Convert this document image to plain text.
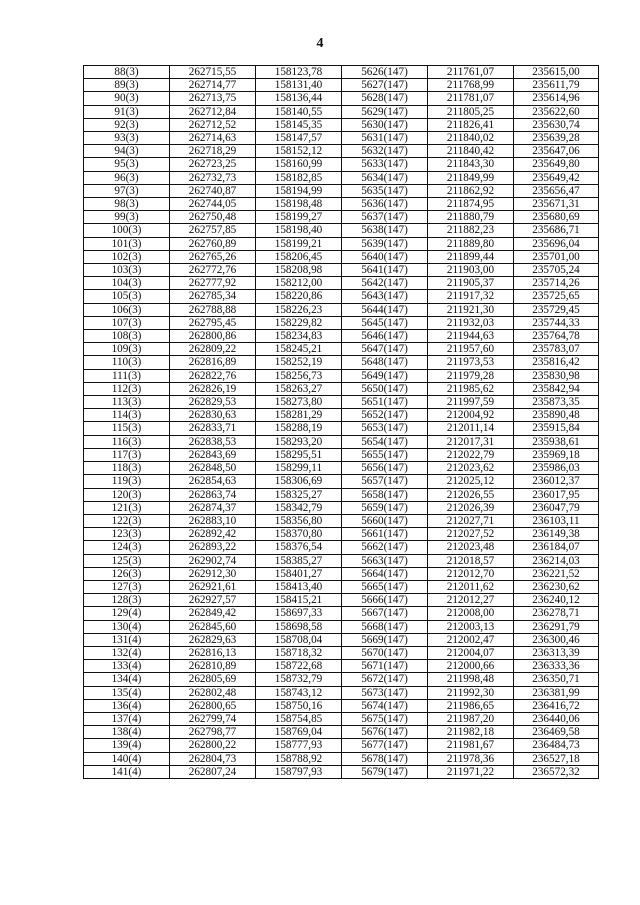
4
88(3)	262715,55	158123,78	5626(147)	211761,07	235615,00
89(3)	262714,77	158131,40	5627(147)	211768,99	235611,79
90(3)	262713,75	158136,44	5628(147)	211781,07	235614,96
91(3)	262712,84	158140,55	5629(147)	211805,25	235622,60
92(3)	262712,52	158145,35	5630(147)	211826,41	235630,74
93(3)	262714,63	158147,57	5631(147)	211840,02	235639,28
94(3)	262718,29	158152,12	5632(147)	211840,42	235647,06
95(3)	262723,25	158160,99	5633(147)	211843,30	235649,80
96(3)	262732,73	158182,85	5634(147)	211849,99	235649,42
97(3)	262740,87	158194,99	5635(147)	211862,92	235656,47
98(3)	262744,05	158198,48	5636(147)	211874,95	235671,31
99(3)	262750,48	158199,27	5637(147)	211880,79	235680,69
100(3)	262757,85	158198,40	5638(147)	211882,23	235686,71
101(3)	262760,89	158199,21	5639(147)	211889,80	235696,04
102(3)	262765,26	158206,45	5640(147)	211899,44	235701,00
103(3)	262772,76	158208,98	5641(147)	211903,00	235705,24
104(3)	262777,92	158212,00	5642(147)	211905,37	235714,26
105(3)	262785,34	158220,86	5643(147)	211917,32	235725,65
106(3)	262788,88	158226,23	5644(147)	211921,30	235729,45
107(3)	262795,45	158229,82	5645(147)	211932,03	235744,33
108(3)	262800,86	158234,83	5646(147)	211944,63	235764,78
109(3)	262809,22	158245,21	5647(147)	211957,60	235783,07
110(3)	262816,89	158252,19	5648(147)	211973,53	235816,42
111(3)	262822,76	158256,73	5649(147)	211979,28	235830,98
112(3)	262826,19	158263,27	5650(147)	211985,62	235842,94
113(3)	262829,53	158273,80	5651(147)	211997,59	235873,35
114(3)	262830,63	158281,29	5652(147)	212004,92	235890,48
115(3)	262833,71	158288,19	5653(147)	212011,14	235915,84
116(3)	262838,53	158293,20	5654(147)	212017,31	235938,61
117(3)	262843,69	158295,51	5655(147)	212022,79	235969,18
118(3)	262848,50	158299,11	5656(147)	212023,62	235986,03
119(3)	262854,63	158306,69	5657(147)	212025,12	236012,37
120(3)	262863,74	158325,27	5658(147)	212026,55	236017,95
121(3)	262874,37	158342,79	5659(147)	212026,39	236047,79
122(3)	262883,10	158356,80	5660(147)	212027,71	236103,11
123(3)	262892,42	158370,80	5661(147)	212027,52	236149,38
124(3)	262893,22	158376,54	5662(147)	212023,48	236184,07
125(3)	262902,74	158385,27	5663(147)	212018,57	236214,03
126(3)	262912,30	158401,27	5664(147)	212012,70	236221,52
127(3)	262921,61	158413,40	5665(147)	212011,62	236230,62
128(3)	262927,57	158415,21	5666(147)	212012,27	236240,12
129(4)	262849,42	158697,33	5667(147)	212008,00	236278,71
130(4)	262845,60	158698,58	5668(147)	212003,13	236291,79
131(4)	262829,63	158708,04	5669(147)	212002,47	236300,46
132(4)	262816,13	158718,32	5670(147)	212004,07	236313,39
133(4)	262810,89	158722,68	5671(147)	212000,66	236333,36
134(4)	262805,69	158732,79	5672(147)	211998,48	236350,71
135(4)	262802,48	158743,12	5673(147)	211992,30	236381,99
136(4)	262800,65	158750,16	5674(147)	211986,65	236416,72
137(4)	262799,74	158754,85	5675(147)	211987,20	236440,06
138(4)	262798,77	158769,04	5676(147)	211982,18	236469,58
139(4)	262800,22	158777,93	5677(147)	211981,67	236484,73
140(4)	262804,73	158788,92	5678(147)	211978,36	236527,18
141(4)	262807,24	158797,93	5679(147)	211971,22	236572,32
